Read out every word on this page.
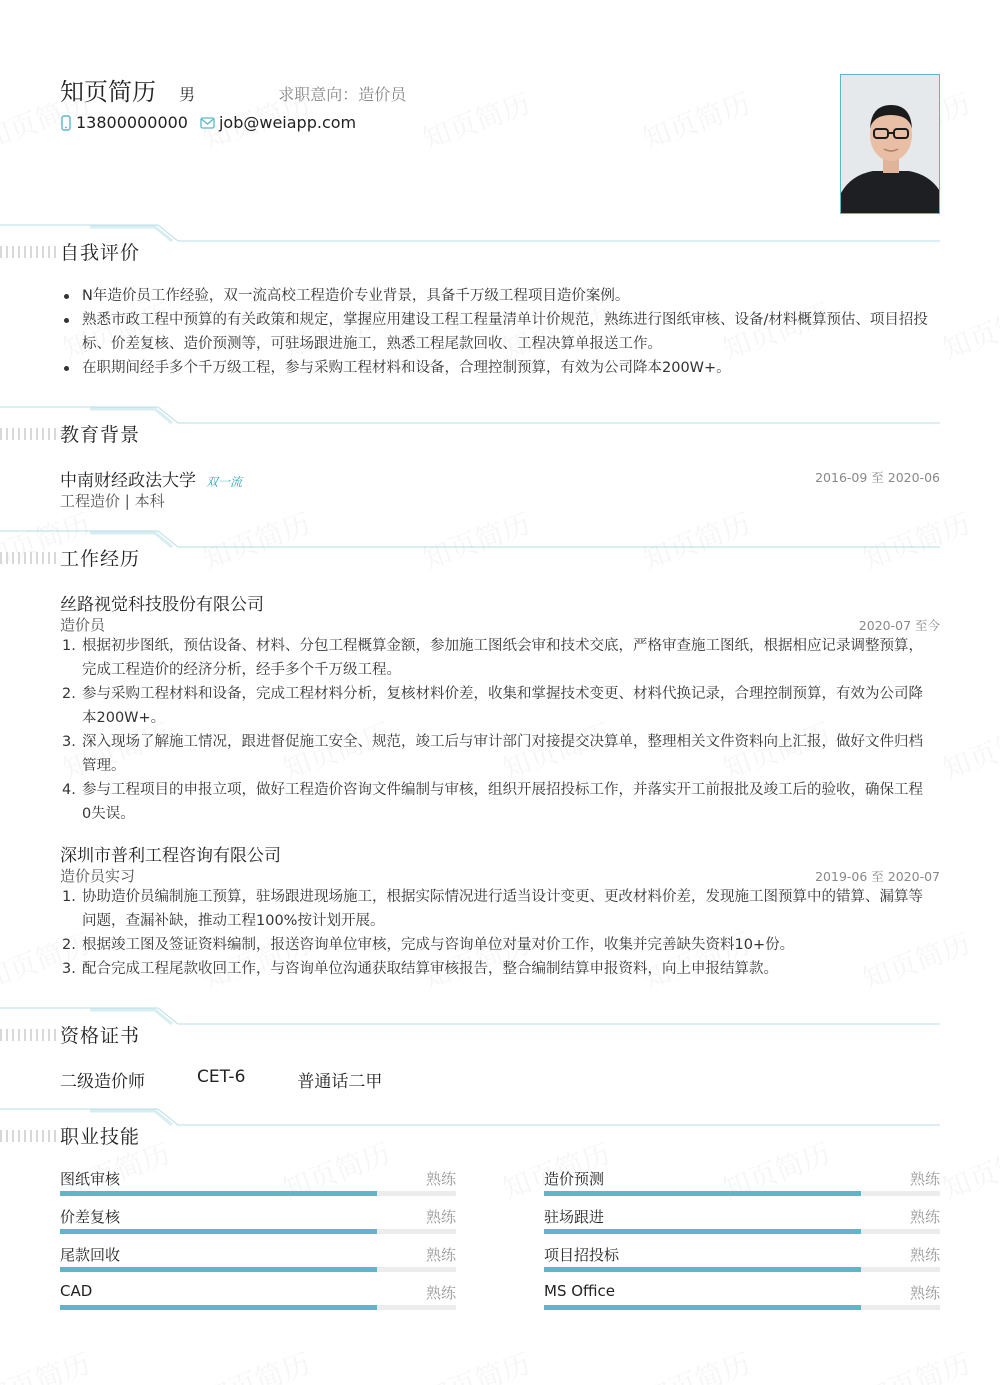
知页简历 男	求职意向：造价员
13800000000 job@weiapp.com
自我评价
N年造价员工作经验，双一流高校工程造价专业背景，具备千万级工程项目造价案例。
熟悉市政工程中预算的有关政策和规定，掌握应用建设工程工程量清单计价规范，熟练进行图纸审核、设备/材料概算预估、项目招投标、价差复核、造价预测等，可驻场跟进施工，熟悉工程尾款回收、工程决算单报送工作。
在职期间经手多个千万级工程，参与采购工程材料和设备，合理控制预算，有效为公司降本200W+。
教育背景
中南财经政法大学 双一流	2016-09 至 2020-06
工程造价 | 本科
工作经历
丝路视觉科技股份有限公司
造价员	2020-07 至今
1. 根据初步图纸，预估设备、材料、分包工程概算金额，参加施工图纸会审和技术交底，严格审查施工图纸，根据相应记录调整预算，完成工程造价的经济分析，经手多个千万级工程。
2. 参与采购工程材料和设备，完成工程材料分析，复核材料价差，收集和掌握技术变更、材料代换记录，合理控制预算，有效为公司降本200W+。
3. 深入现场了解施工情况，跟进督促施工安全、规范，竣工后与审计部门对接提交决算单，整理相关文件资料向上汇报，做好文件归档管理。
4. 参与工程项目的申报立项，做好工程造价咨询文件编制与审核，组织开展招投标工作，并落实开工前报批及竣工后的验收，确保工程0失误。
深圳市普利工程咨询有限公司
造价员实习	2019-06 至 2020-07
1. 协助造价员编制施工预算，驻场跟进现场施工，根据实际情况进行适当设计变更、更改材料价差，发现施工图预算中的错算、漏算等问题，查漏补缺，推动工程100%按计划开展。
2. 根据竣工图及签证资料编制，报送咨询单位审核，完成与咨询单位对量对价工作，收集并完善缺失资料10+份。
3. 配合完成工程尾款收回工作，与咨询单位沟通获取结算审核报告，整合编制结算申报资料，向上申报结算款。
资格证书
二级造价师	CET-6	普通话二甲
职业技能
图纸审核	熟练	造价预测	熟练
价差复核	熟练	驻场跟进	熟练
尾款回收	熟练	项目招投标	熟练
CAD	熟练	MS Office	熟练
